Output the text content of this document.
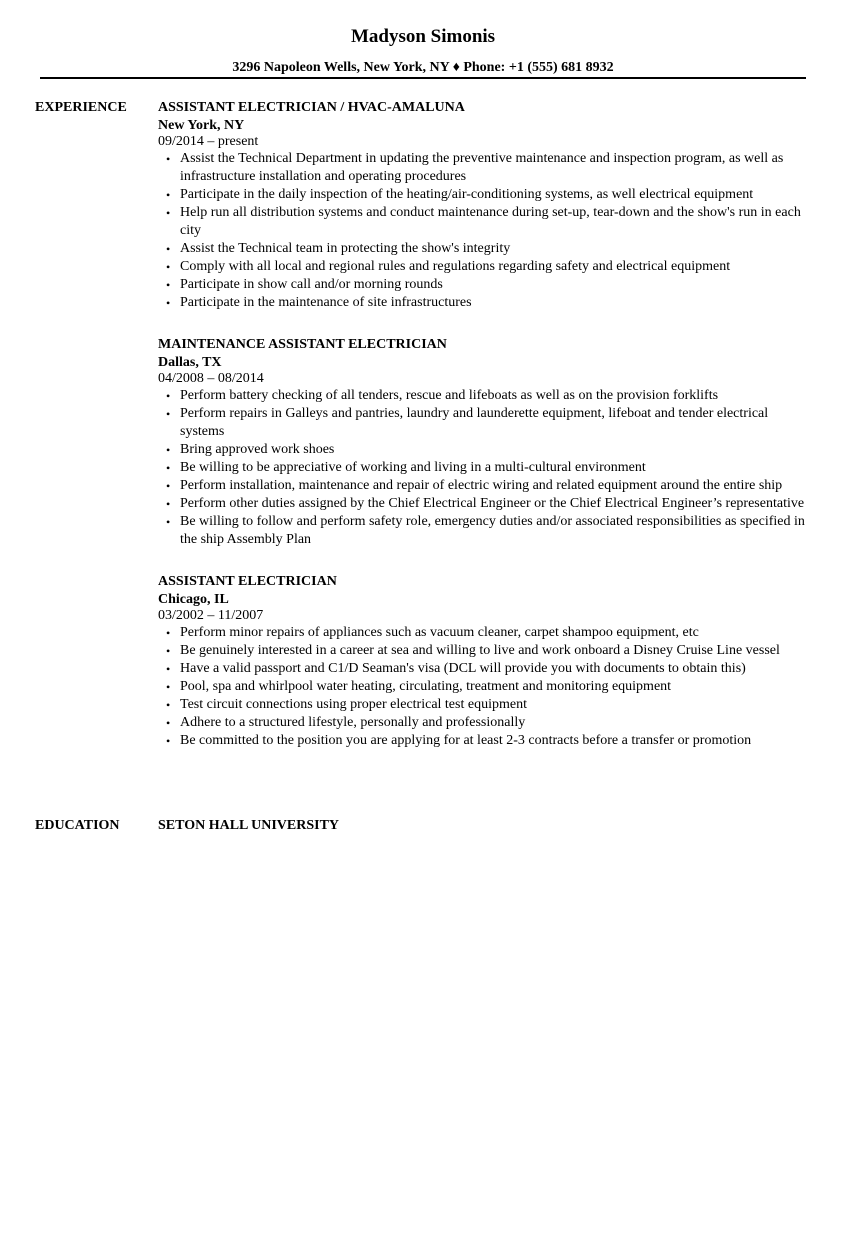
Madyson Simonis
3296 Napoleon Wells, New York, NY ♦ Phone: +1 (555) 681 8932
EXPERIENCE ASSISTANT ELECTRICIAN / HVAC-AMALUNA
New York, NY
09/2014 – present
• Assist the Technical Department in updating the preventive maintenance and inspection program, as well as infrastructure installation and operating procedures
• Participate in the daily inspection of the heating/air-conditioning systems, as well electrical equipment
• Help run all distribution systems and conduct maintenance during set-up, tear-down and the show's run in each city
• Assist the Technical team in protecting the show's integrity
• Comply with all local and regional rules and regulations regarding safety and electrical equipment
• Participate in show call and/or morning rounds
• Participate in the maintenance of site infrastructures
MAINTENANCE ASSISTANT ELECTRICIAN
Dallas, TX
04/2008 – 08/2014
• Perform battery checking of all tenders, rescue and lifeboats as well as on the provision forklifts
• Perform repairs in Galleys and pantries, laundry and launderette equipment, lifeboat and tender electrical systems
• Bring approved work shoes
• Be willing to be appreciative of working and living in a multi-cultural environment
• Perform installation, maintenance and repair of electric wiring and related equipment around the entire ship
• Perform other duties assigned by the Chief Electrical Engineer or the Chief Electrical Engineer’s representative
• Be willing to follow and perform safety role, emergency duties and/or associated responsibilities as specified in the ship Assembly Plan
ASSISTANT ELECTRICIAN
Chicago, IL
03/2002 – 11/2007
• Perform minor repairs of appliances such as vacuum cleaner, carpet shampoo equipment, etc
• Be genuinely interested in a career at sea and willing to live and work onboard a Disney Cruise Line vessel
• Have a valid passport and C1/D Seaman's visa (DCL will provide you with documents to obtain this)
• Pool, spa and whirlpool water heating, circulating, treatment and monitoring equipment
• Test circuit connections using proper electrical test equipment
• Adhere to a structured lifestyle, personally and professionally
• Be committed to the position you are applying for at least 2-3 contracts before a transfer or promotion
EDUCATION	SETON HALL UNIVERSITY
